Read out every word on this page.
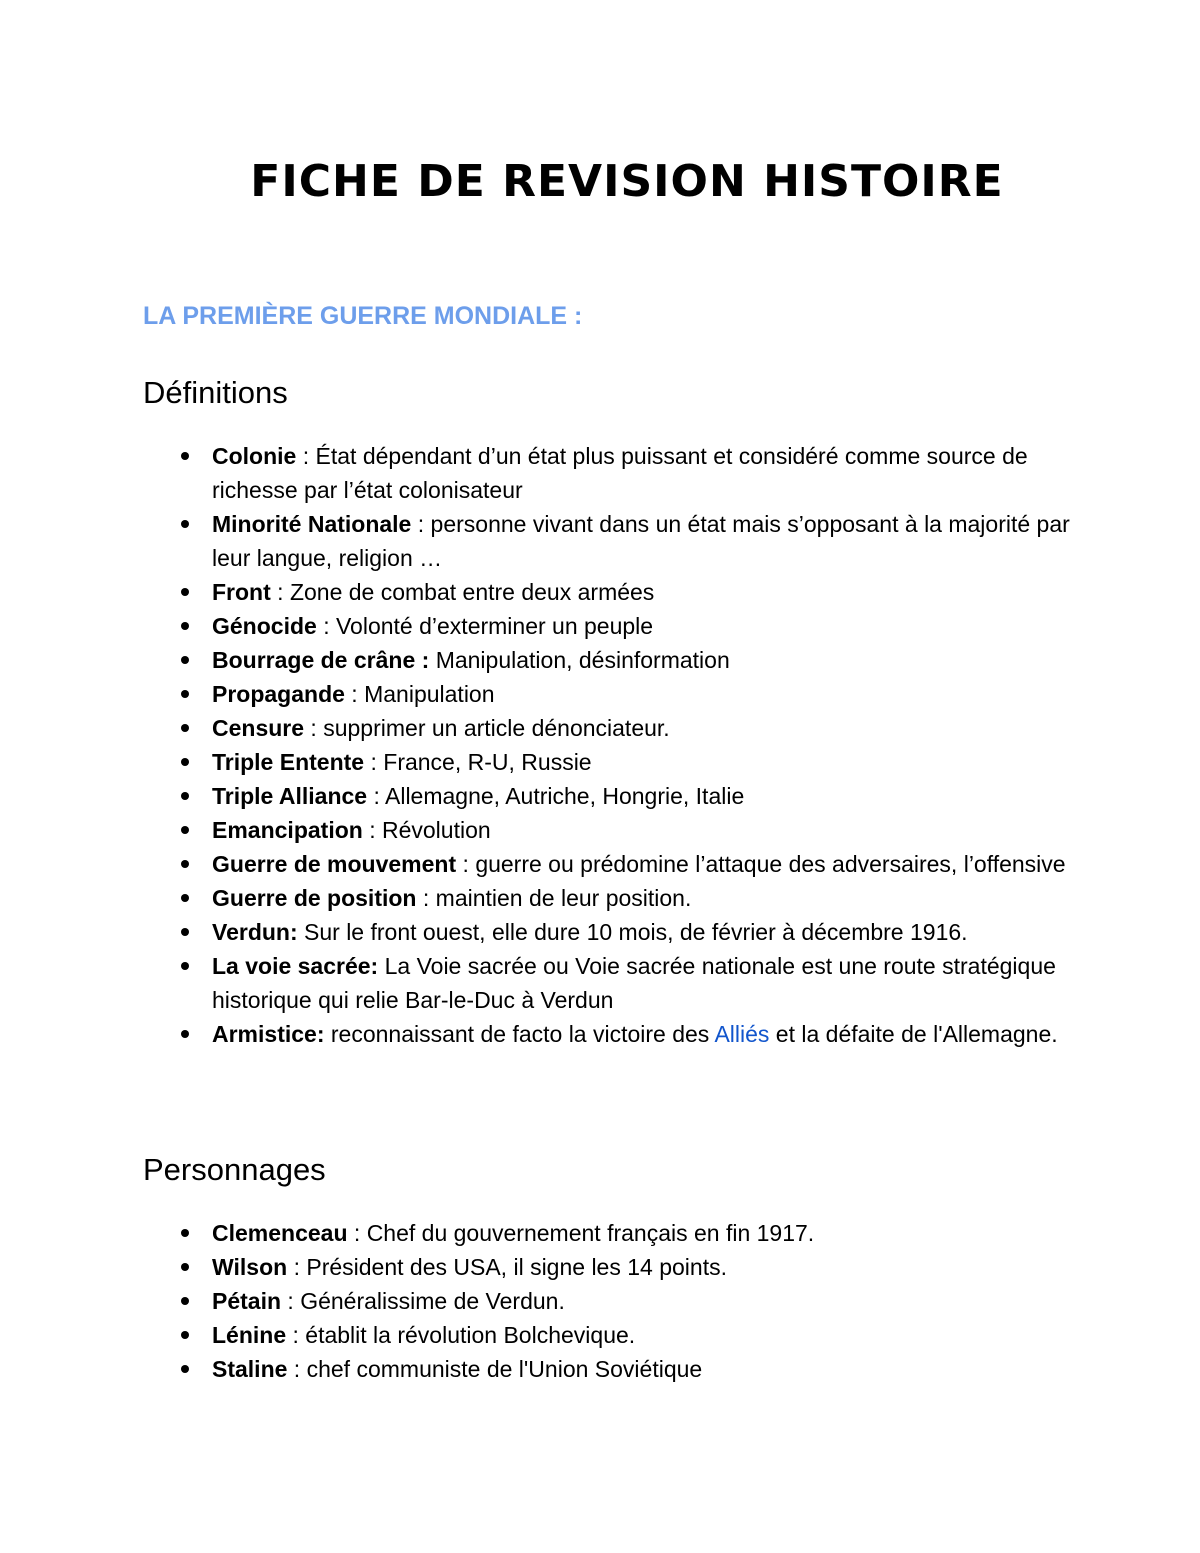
FICHE DE REVISION HISTOIRE
LA PREMIÈRE GUERRE MONDIALE :
Définitions
Colonie : État dépendant d’un état plus puissant et considéré comme source de richesse par l’état colonisateur
Minorité Nationale : personne vivant dans un état mais s’opposant à la majorité par leur langue, religion …
Front : Zone de combat entre deux armées
Génocide : Volonté d’exterminer un peuple
Bourrage de crâne : Manipulation, désinformation
Propagande : Manipulation
Censure : supprimer un article dénonciateur.
Triple Entente : France, R-U, Russie
Triple Alliance : Allemagne, Autriche, Hongrie, Italie
Emancipation : Révolution
Guerre de mouvement : guerre ou prédomine l’attaque des adversaires, l’offensive
Guerre de position : maintien de leur position.
Verdun: Sur le front ouest, elle dure 10 mois, de février à décembre 1916.
La voie sacrée: La Voie sacrée ou Voie sacrée nationale est une route stratégique historique qui relie Bar-le-Duc à Verdun
Armistice: reconnaissant de facto la victoire des Alliés et la défaite de l'Allemagne.
Personnages
Clemenceau : Chef du gouvernement français en fin 1917.
Wilson : Président des USA, il signe les 14 points.
Pétain : Généralissime de Verdun.
Lénine : établit la révolution Bolchevique.
Staline : chef communiste de l'Union Soviétique
